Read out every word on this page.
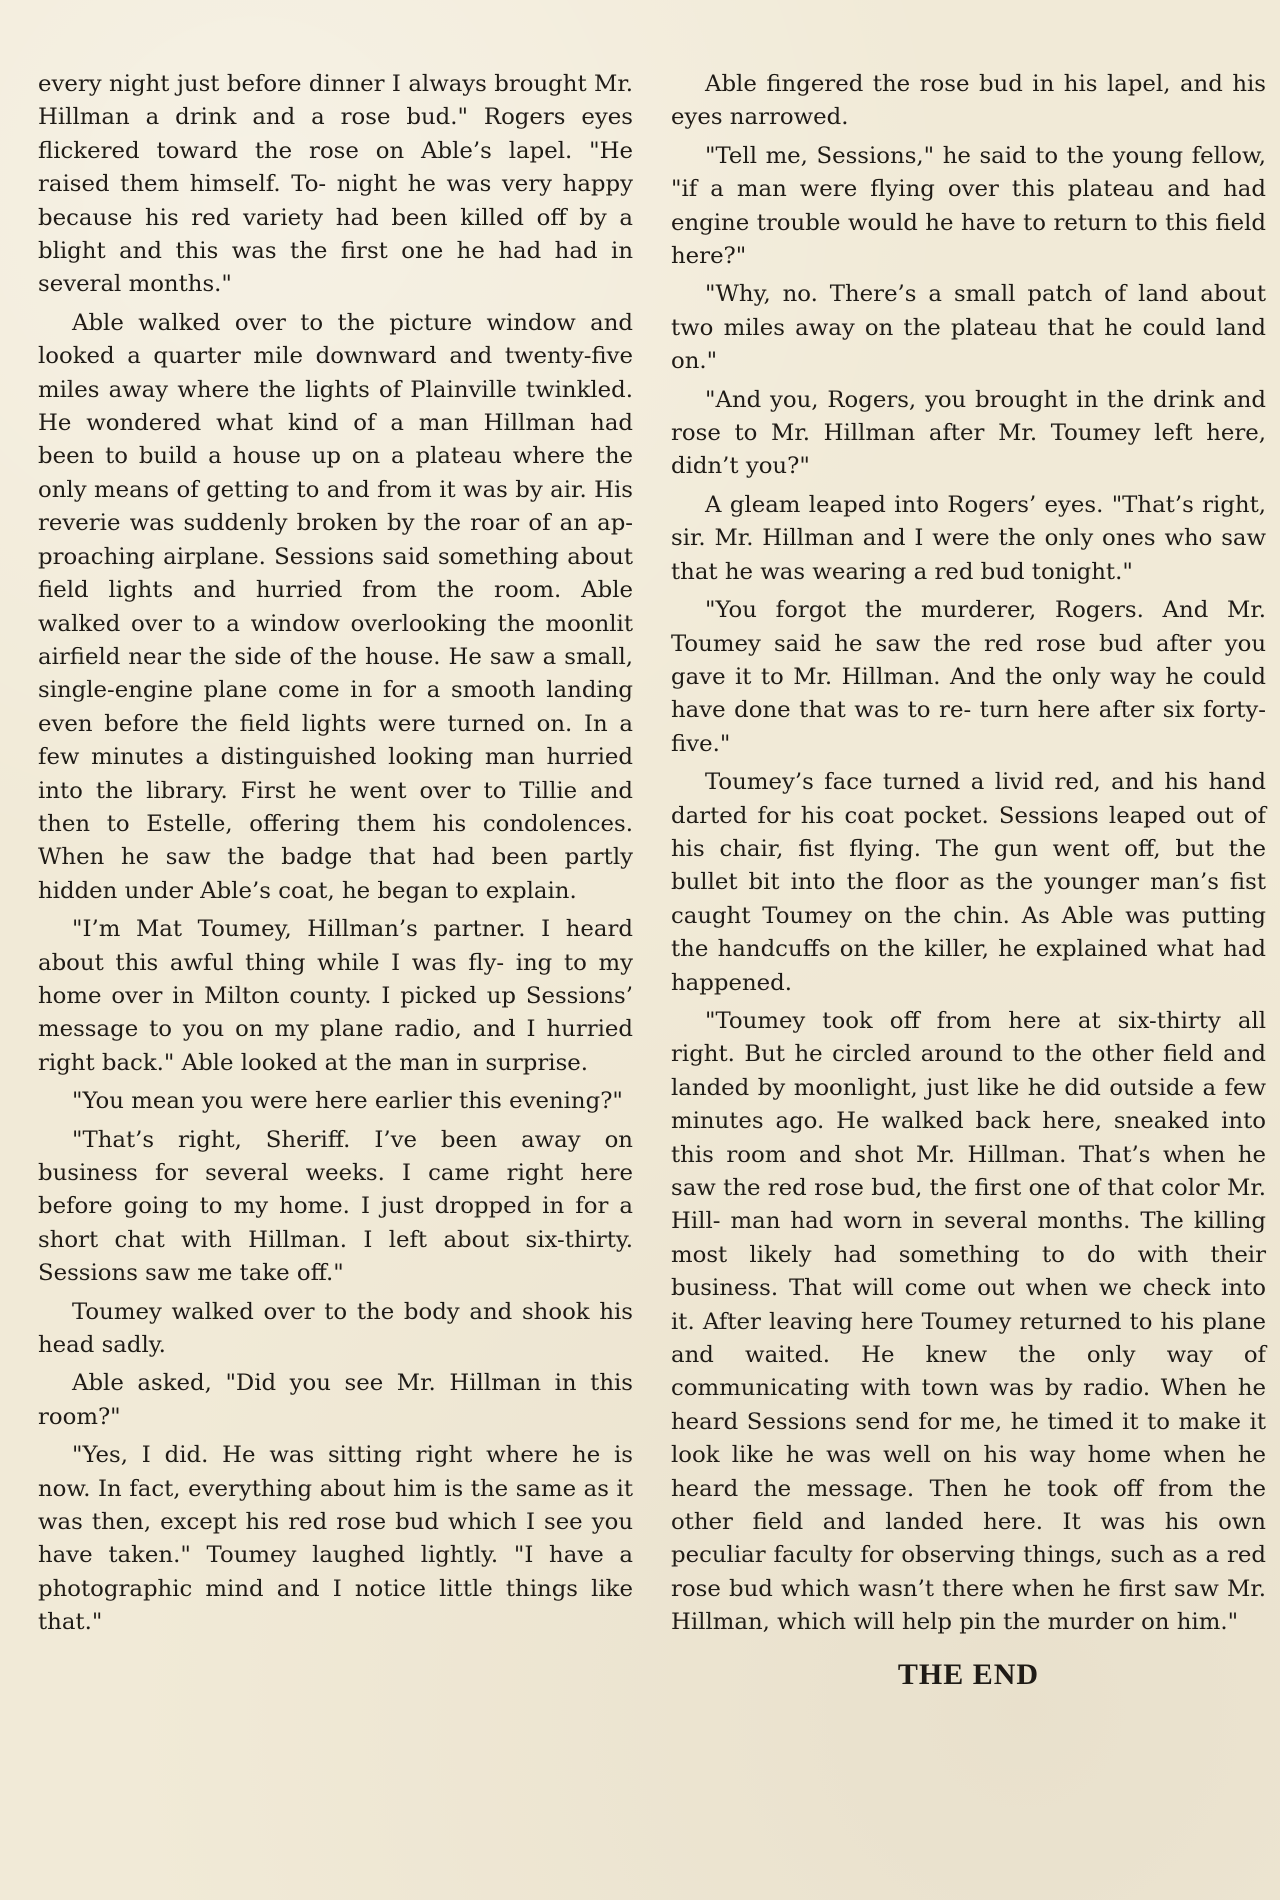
every night just before dinner I always brought Mr. Hillman a drink and a rose bud." Rogers eyes flickered toward the rose on Able’s lapel. "He raised them himself. To- night he was very happy because his red variety had been killed off by a blight and this was the first one he had had in several months."

Able walked over to the picture window and looked a quarter mile downward and twenty-five miles away where the lights of Plainville twinkled. He wondered what kind of a man Hillman had been to build a house up on a plateau where the only means of getting to and from it was by air. His reverie was suddenly broken by the roar of an ap- proaching airplane. Sessions said something about field lights and hurried from the room. Able walked over to a window overlooking the moonlit airfield near the side of the house. He saw a small, single-engine plane come in for a smooth landing even before the field lights were turned on. In a few minutes a distinguished looking man hurried into the library. First he went over to Tillie and then to Estelle, offering them his condolences. When he saw the badge that had been partly hidden under Able’s coat, he began to explain.

"I’m Mat Toumey, Hillman’s partner. I heard about this awful thing while I was fly- ing to my home over in Milton county. I picked up Sessions’ message to you on my plane radio, and I hurried right back." Able looked at the man in surprise.

"You mean you were here earlier this evening?"

"That’s right, Sheriff. I’ve been away on business for several weeks. I came right here before going to my home. I just dropped in for a short chat with Hillman. I left about six-thirty. Sessions saw me take off."

Toumey walked over to the body and shook his head sadly.

Able asked, "Did you see Mr. Hillman in this room?"

"Yes, I did. He was sitting right where he is now. In fact, everything about him is the same as it was then, except his red rose bud which I see you have taken." Toumey laughed lightly. "I have a photographic mind and I notice little things like that."

Able fingered the rose bud in his lapel, and his eyes narrowed.

"Tell me, Sessions," he said to the young fellow, "if a man were flying over this plateau and had engine trouble would he have to return to this field here?"

"Why, no. There’s a small patch of land about two miles away on the plateau that he could land on."

"And you, Rogers, you brought in the drink and rose to Mr. Hillman after Mr. Toumey left here, didn’t you?"

A gleam leaped into Rogers’ eyes. "That’s right, sir. Mr. Hillman and I were the only ones who saw that he was wearing a red bud tonight."

"You forgot the murderer, Rogers. And Mr. Toumey said he saw the red rose bud after you gave it to Mr. Hillman. And the only way he could have done that was to re- turn here after six forty-five."

Toumey’s face turned a livid red, and his hand darted for his coat pocket. Sessions leaped out of his chair, fist flying. The gun went off, but the bullet bit into the floor as the younger man’s fist caught Toumey on the chin. As Able was putting the handcuffs on the killer, he explained what had happened.

"Toumey took off from here at six-thirty all right. But he circled around to the other field and landed by moonlight, just like he did outside a few minutes ago. He walked back here, sneaked into this room and shot Mr. Hillman. That’s when he saw the red rose bud, the first one of that color Mr. Hill- man had worn in several months. The killing most likely had something to do with their business. That will come out when we check into it. After leaving here Toumey returned to his plane and waited. He knew the only way of communicating with town was by radio. When he heard Sessions send for me, he timed it to make it look like he was well on his way home when he heard the message. Then he took off from the other field and landed here. It was his own peculiar faculty for observing things, such as a red rose bud which wasn’t there when he first saw Mr. Hillman, which will help pin the murder on him."

THE END
